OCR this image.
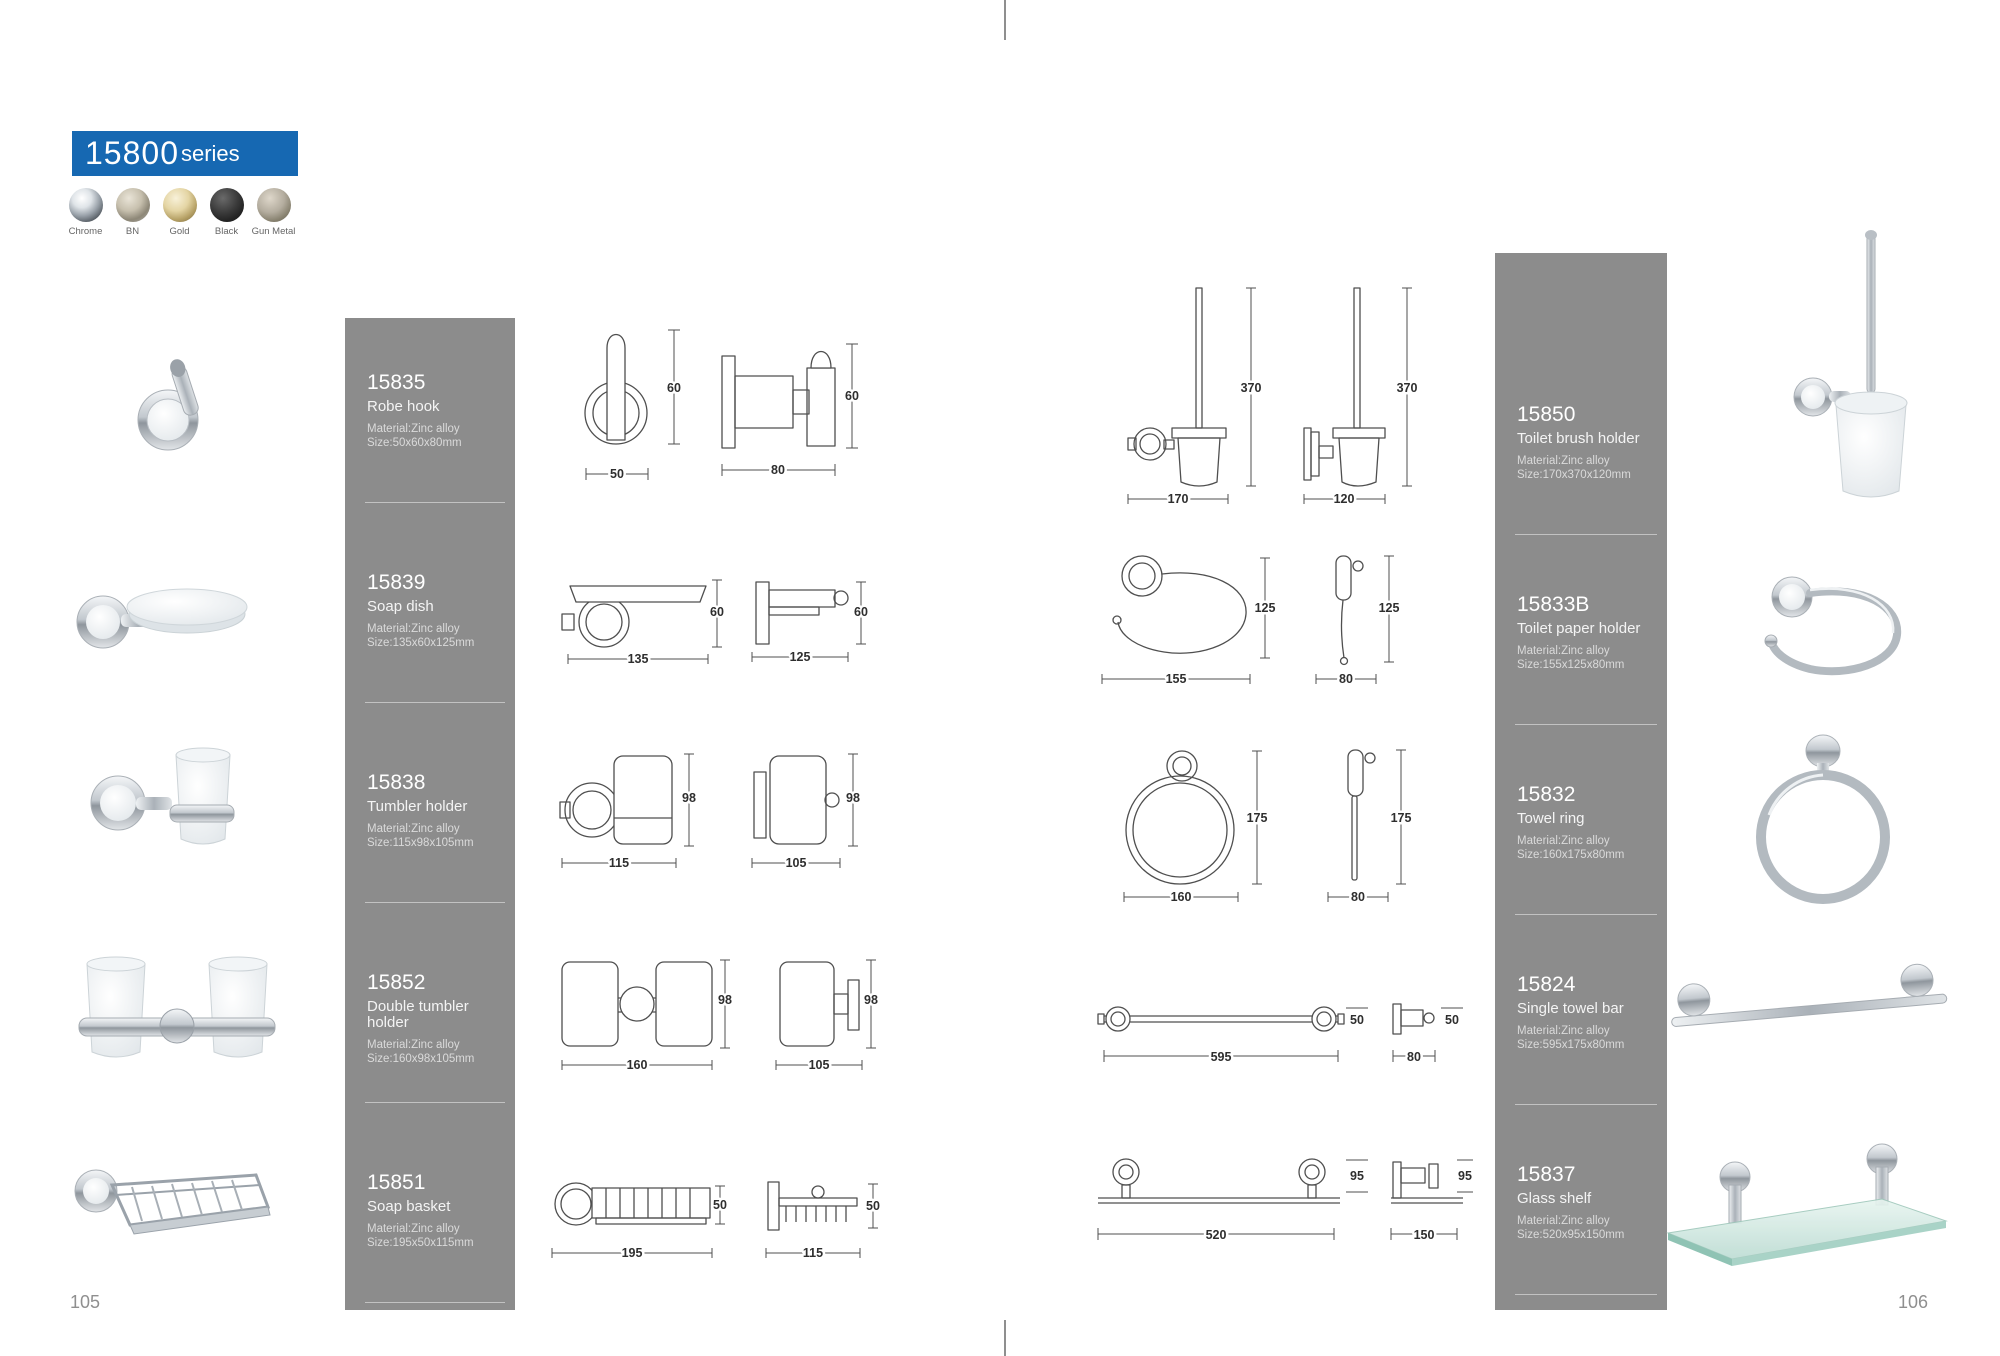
15800 series
Chrome BN	Gold	Black Gun Metal
15835
Robe hook
Material:Zinc alloy
Size:50x60x80mm
15839
Soap dish
Material:Zinc alloy
Size:135x60x125mm
15838
Tumbler holder
Material:Zinc alloy
Size:115x98x105mm
15852
Double tumbler holder
Material:Zinc alloy
Size:160x98x105mm
15851
Soap basket
Material:Zinc alloy
Size:195x50x115mm
60
50
60
80
60
135
60
125
98
115
98
105
98
160
98
105
50
195
50
115
105
370
170
370
120
125
155
125
80
175
160
175
80
50
595
50
80
95
520
95
150
15850
Toilet brush holder
Material:Zinc alloy
Size:170x370x120mm
15833B
Toilet paper holder
Material:Zinc alloy
Size:155x125x80mm
15832
Towel ring
Material:Zinc alloy
Size:160x175x80mm
15824
Single towel bar
Material:Zinc alloy
Size:595x175x80mm
15837
Glass shelf
Material:Zinc alloy
Size:520x95x150mm
106
